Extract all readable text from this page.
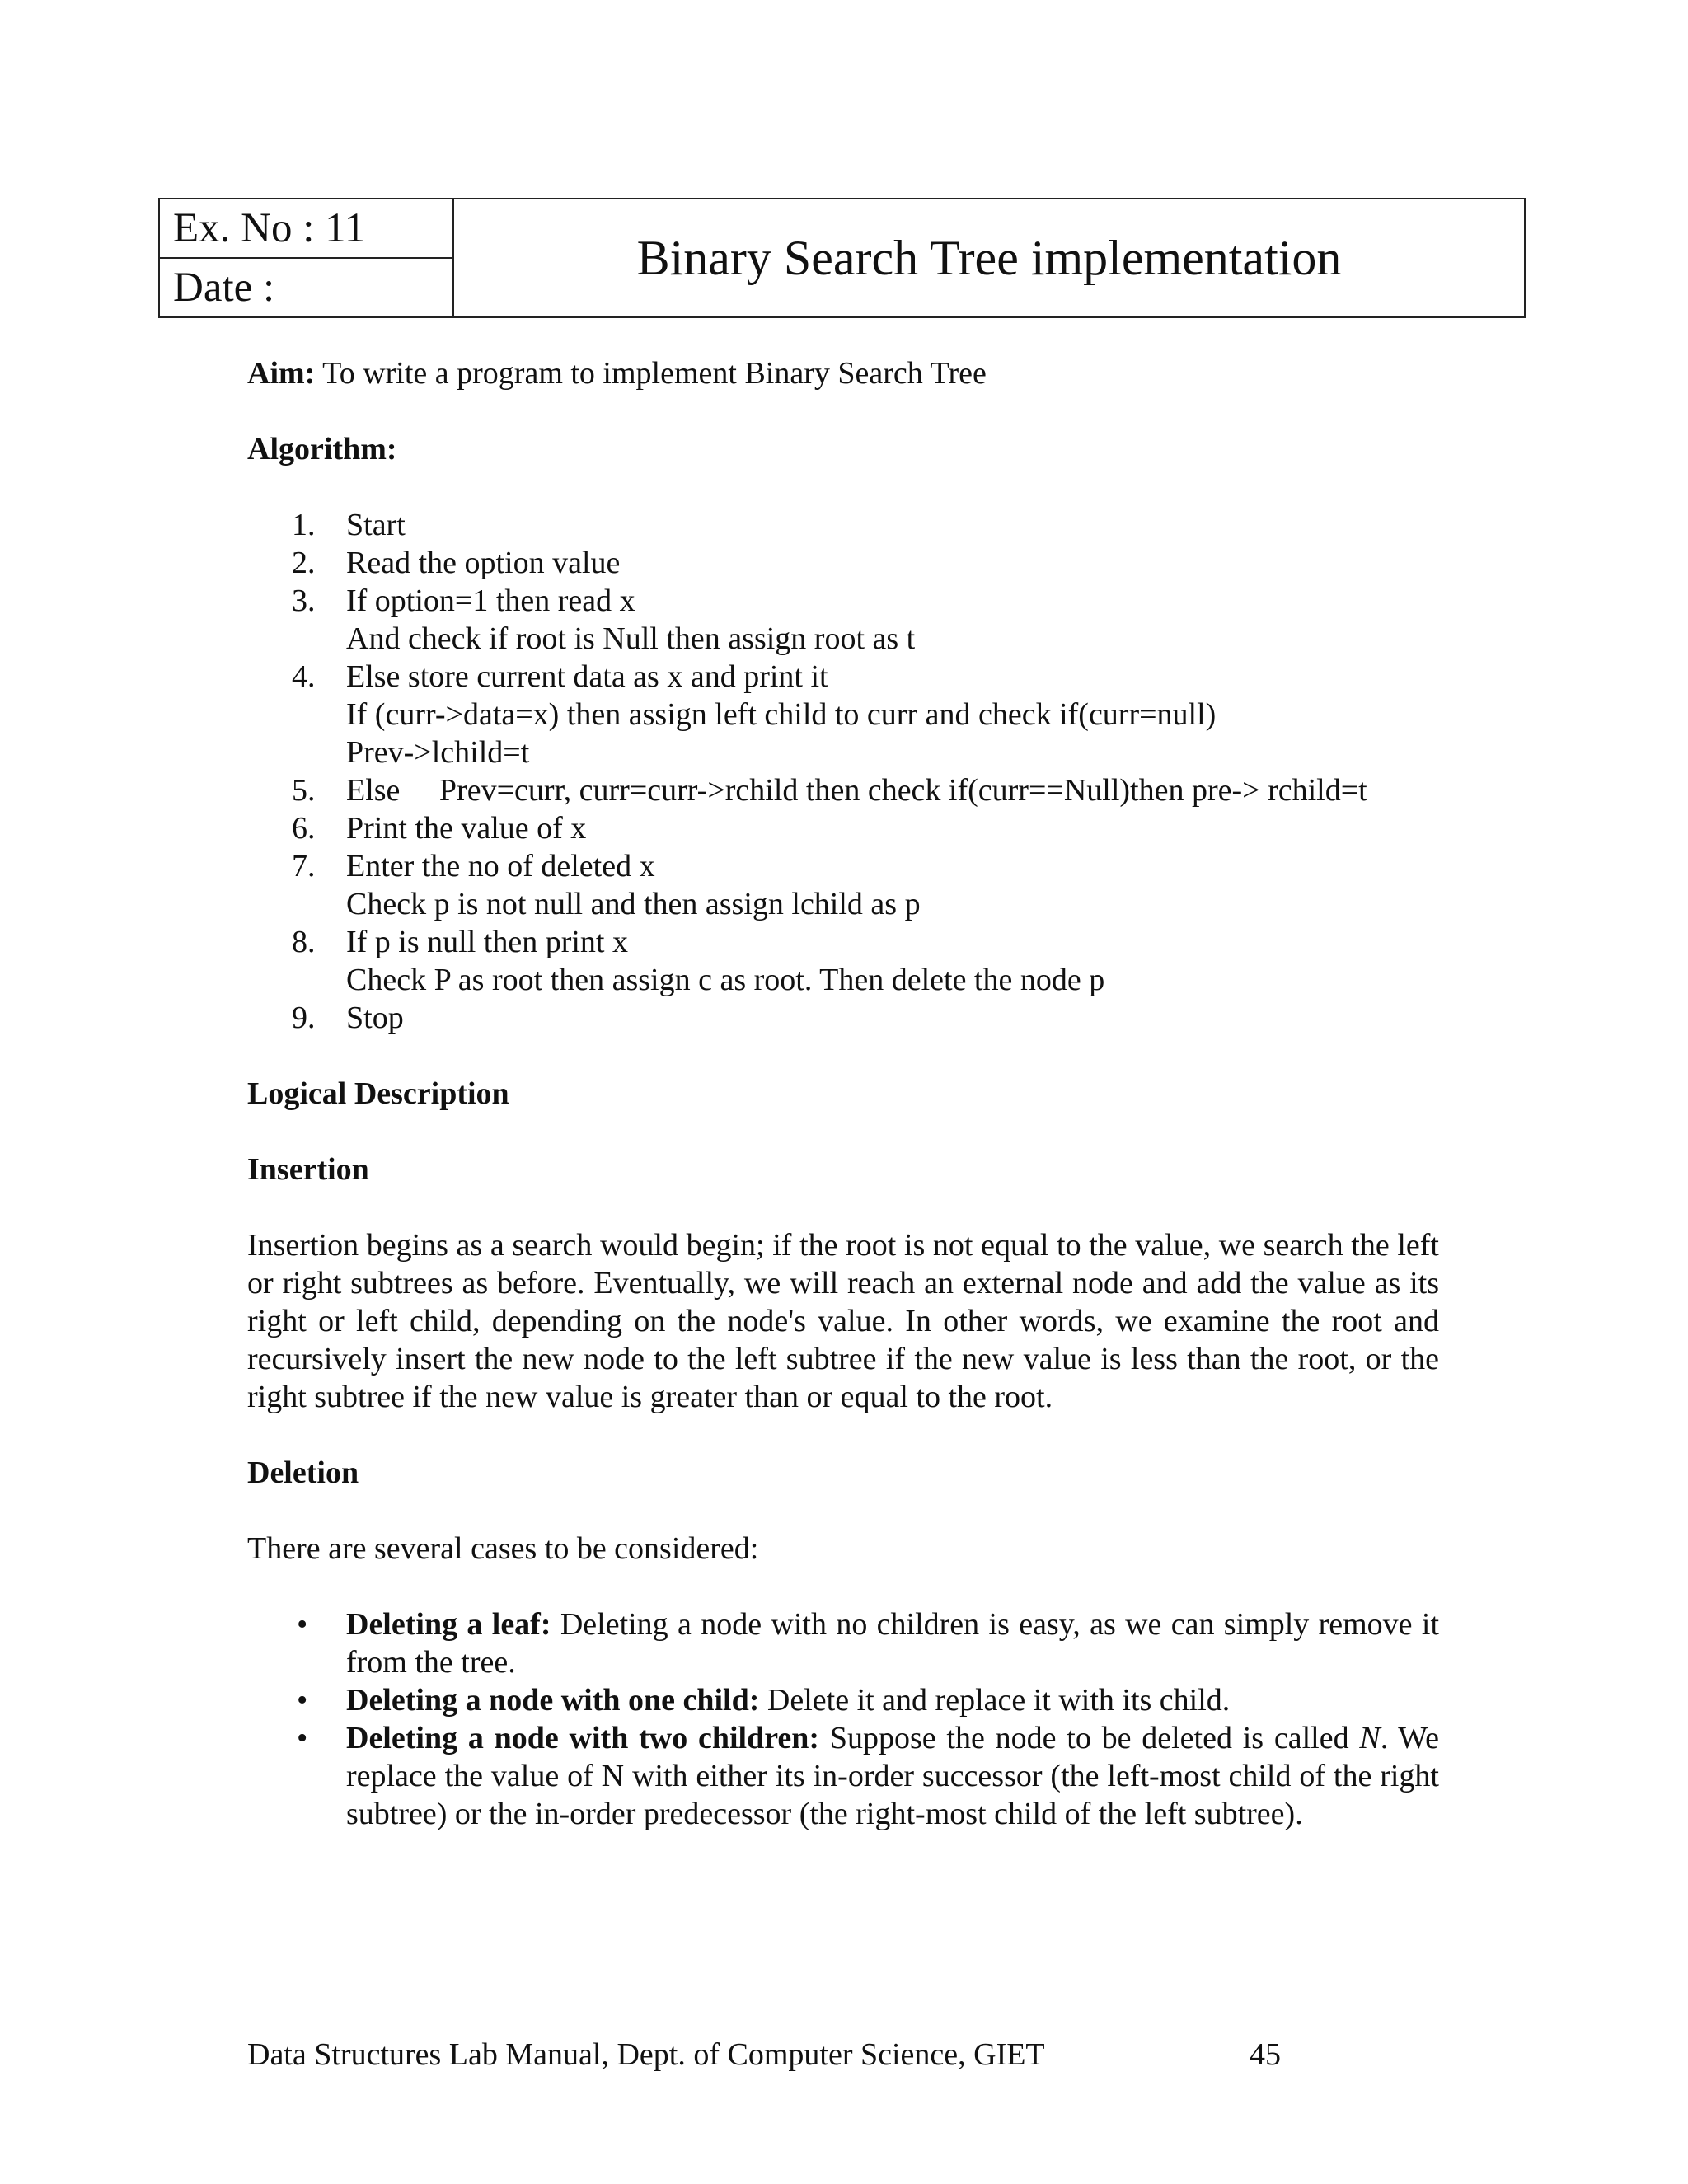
Ex. No : 11
Date :
Binary Search Tree implementation

Aim: To write a program to implement Binary Search Tree

Algorithm:

1. Start
2. Read the option value
3. If option=1 then read x
And check if root is Null then assign root as t
4. Else store current data as x and print it
If (curr->data=x) then assign left child to curr and check if(curr=null)
Prev->lchild=t
5. Else     Prev=curr, curr=curr->rchild then check if(curr==Null)then pre-> rchild=t
6. Print the value of x
7. Enter the no of deleted x
Check p is not null and then assign lchild as p
8. If p is null then print x
Check P as root then assign c as root. Then delete the node p
9. Stop

Logical Description

Insertion

Insertion begins as a search would begin; if the root is not equal to the value, we search the left or right subtrees as before. Eventually, we will reach an external node and add the value as its right or left child, depending on the node's value. In other words, we examine the root and recursively insert the new node to the left subtree if the new value is less than the root, or the right subtree if the new value is greater than or equal to the root.

Deletion

There are several cases to be considered:

• Deleting a leaf: Deleting a node with no children is easy, as we can simply remove it from the tree.
• Deleting a node with one child: Delete it and replace it with its child.
• Deleting a node with two children: Suppose the node to be deleted is called N. We replace the value of N with either its in-order successor (the left-most child of the right subtree) or the in-order predecessor (the right-most child of the left subtree).
Data Structures Lab Manual, Dept. of Computer Science, GIET	45
